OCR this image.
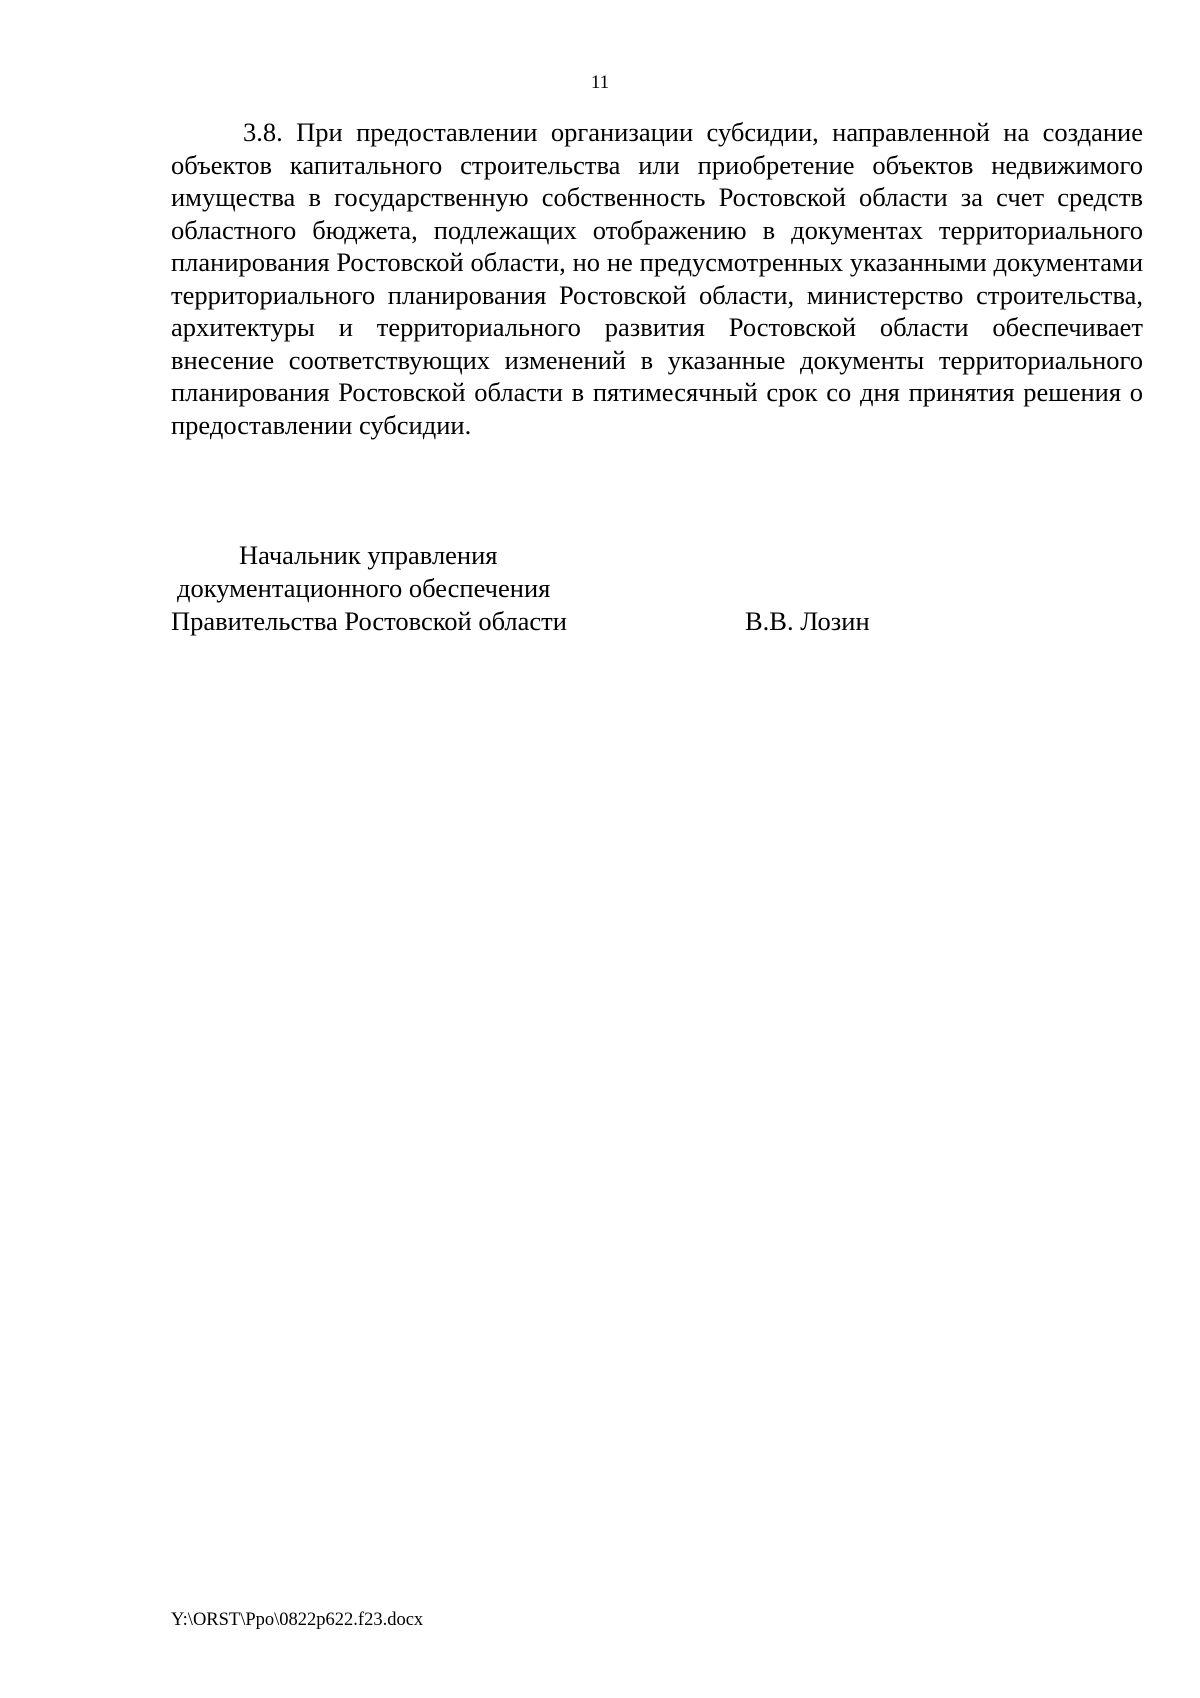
11

3.8. При предоставлении организации субсидии, направленной на создание объектов капитального строительства или приобретение объектов недвижимого имущества в государственную собственность Ростовской области за счет средств областного бюджета, подлежащих отображению в документах территориального планирования Ростовской области, но не предусмотренных указанными документами территориального планирования Ростовской области, министерство строительства, архитектуры и территориального развития Ростовской области обеспечивает внесение соответствующих изменений в указанные документы территориального планирования Ростовской области в пятимесячный срок со дня принятия решения о предоставлении субсидии.

Начальник управления
документационного обеспечения
Правительства Ростовской области	В.В. Лозин
Y:\ORST\Ppo\0822p622.f23.docx
